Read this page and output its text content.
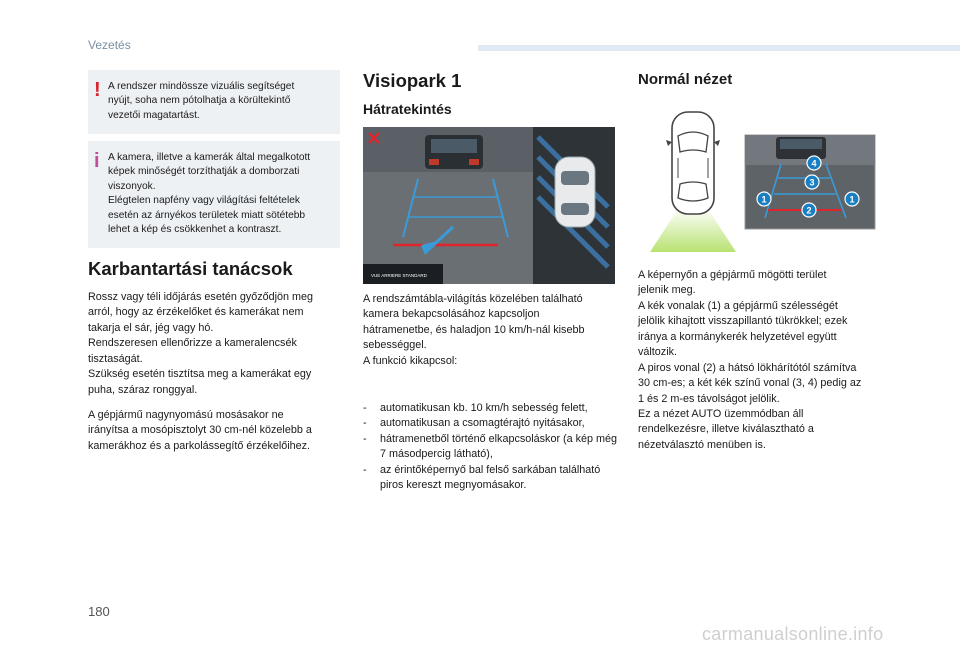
Vezetés
! A rendszer mindössze vizuális segítséget
nyújt, soha nem pótolhatja a körültekintő
vezetői magatartást.

i A kamera, illetve a kamerák által megalkotott
képek minőségét torzíthatják a domborzati
viszonyok.
Elégtelen napfény vagy világítási feltételek
esetén az árnyékos területek miatt sötétebb
lehet a kép és csökkenhet a kontraszt.

Karbantartási tanácsok
Rossz vagy téli időjárás esetén győződjön meg
arról, hogy az érzékelőket és kamerákat nem
takarja el sár, jég vagy hó.
Rendszeresen ellenőrizze a kameralencsék
tisztaságát.
Szükség esetén tisztítsa meg a kamerákat egy
puha, száraz ronggyal.
A gépjármű nagynyomású mosásakor ne
irányítsa a mosópisztolyt 30 cm-nél közelebb a
kamerákhoz és a parkolássegítő érzékelőihez.
Visiopark 1
Hátratekintés
VUE ARRIERE STANDARD
A rendszámtábla-világítás közelében található
kamera bekapcsolásához kapcsoljon
hátramenetbe, és haladjon 10 km/h-nál kisebb
sebességgel.
A funkció kikapcsol:
- automatikusan kb. 10 km/h sebesség felett,
- automatikusan a csomagtérajtó nyitásakor,
- hátramenetből történő elkapcsoláskor (a kép még 7 másodpercig látható),
- az érintőképernyő bal felső sarkában található piros kereszt megnyomásakor.
Normál nézet
1
2
1
3
4
A képernyőn a gépjármű mögötti terület
jelenik meg.
A kék vonalak (1) a gépjármű szélességét
jelölik kihajtott visszapillantó tükrökkel; ezek
iránya a kormánykerék helyzetével együtt
változik.
A piros vonal (2) a hátsó lökhárítótól számítva
30 cm-es; a két kék színű vonal (3, 4) pedig az
1 és 2 m-es távolságot jelölik.
Ez a nézet AUTO üzemmódban áll
rendelkezésre, illetve kiválasztható a
nézetválasztó menüben is.
180
carmanualsonline.info
